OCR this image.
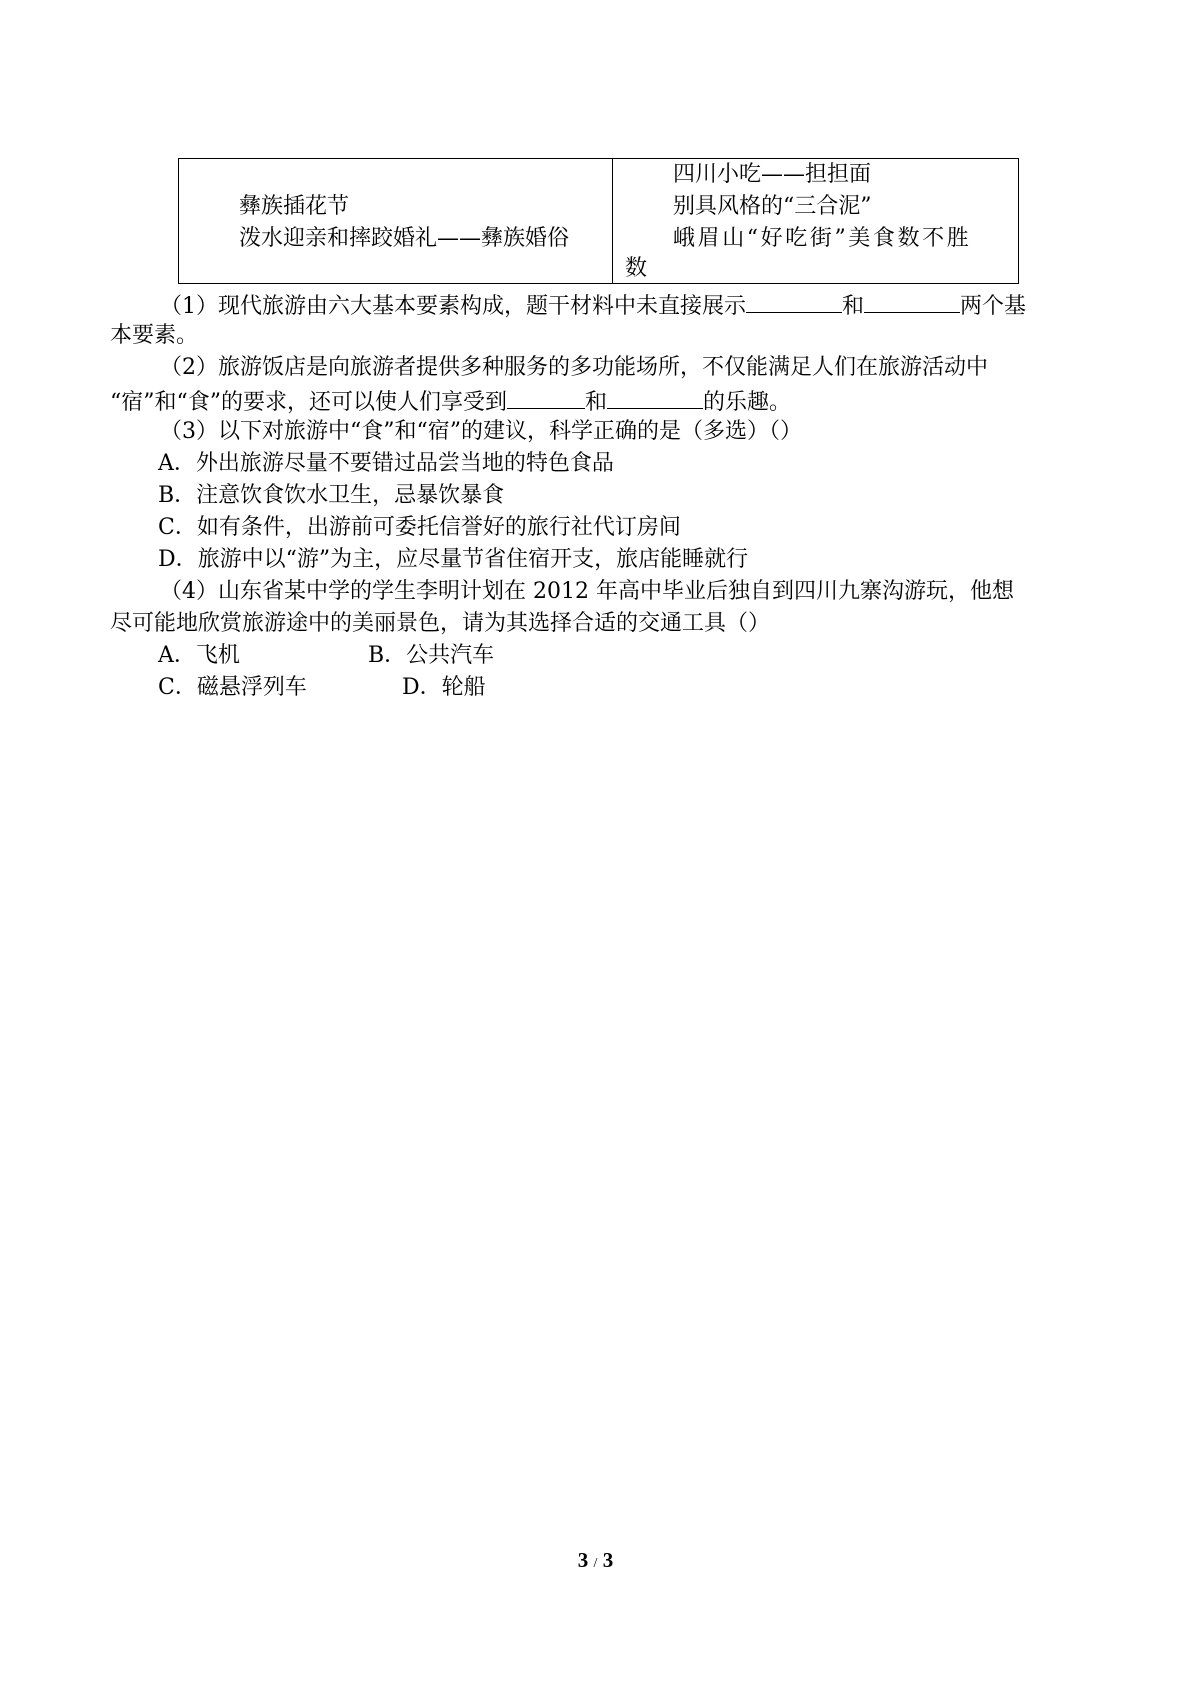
彝族插花节
泼水迎亲和摔跤婚礼——彝族婚俗

四川小吃——担担面
别具风格的“三合泥”
峨眉山“好吃街”美食数不胜
数
（1）现代旅游由六大基本要素构成，题干材料中未直接展示	和	两个基
本要素。
（2）旅游饭店是向旅游者提供多种服务的多功能场所，不仅能满足人们在旅游活动中
“宿”和“食”的要求，还可以使人们享受到	和	的乐趣。
（3）以下对旅游中“食”和“宿”的建议，科学正确的是（多选）（）
A．外出旅游尽量不要错过品尝当地的特色食品
B．注意饮食饮水卫生，忌暴饮暴食
C．如有条件，出游前可委托信誉好的旅行社代订房间
D．旅游中以“游”为主，应尽量节省住宿开支，旅店能睡就行
（4）山东省某中学的学生李明计划在 2012 年高中毕业后独自到四川九寨沟游玩，他想
尽可能地欣赏旅游途中的美丽景色，请为其选择合适的交通工具（）
A．飞机	B．公共汽车
C．磁悬浮列车	D．轮船
3 / 3
